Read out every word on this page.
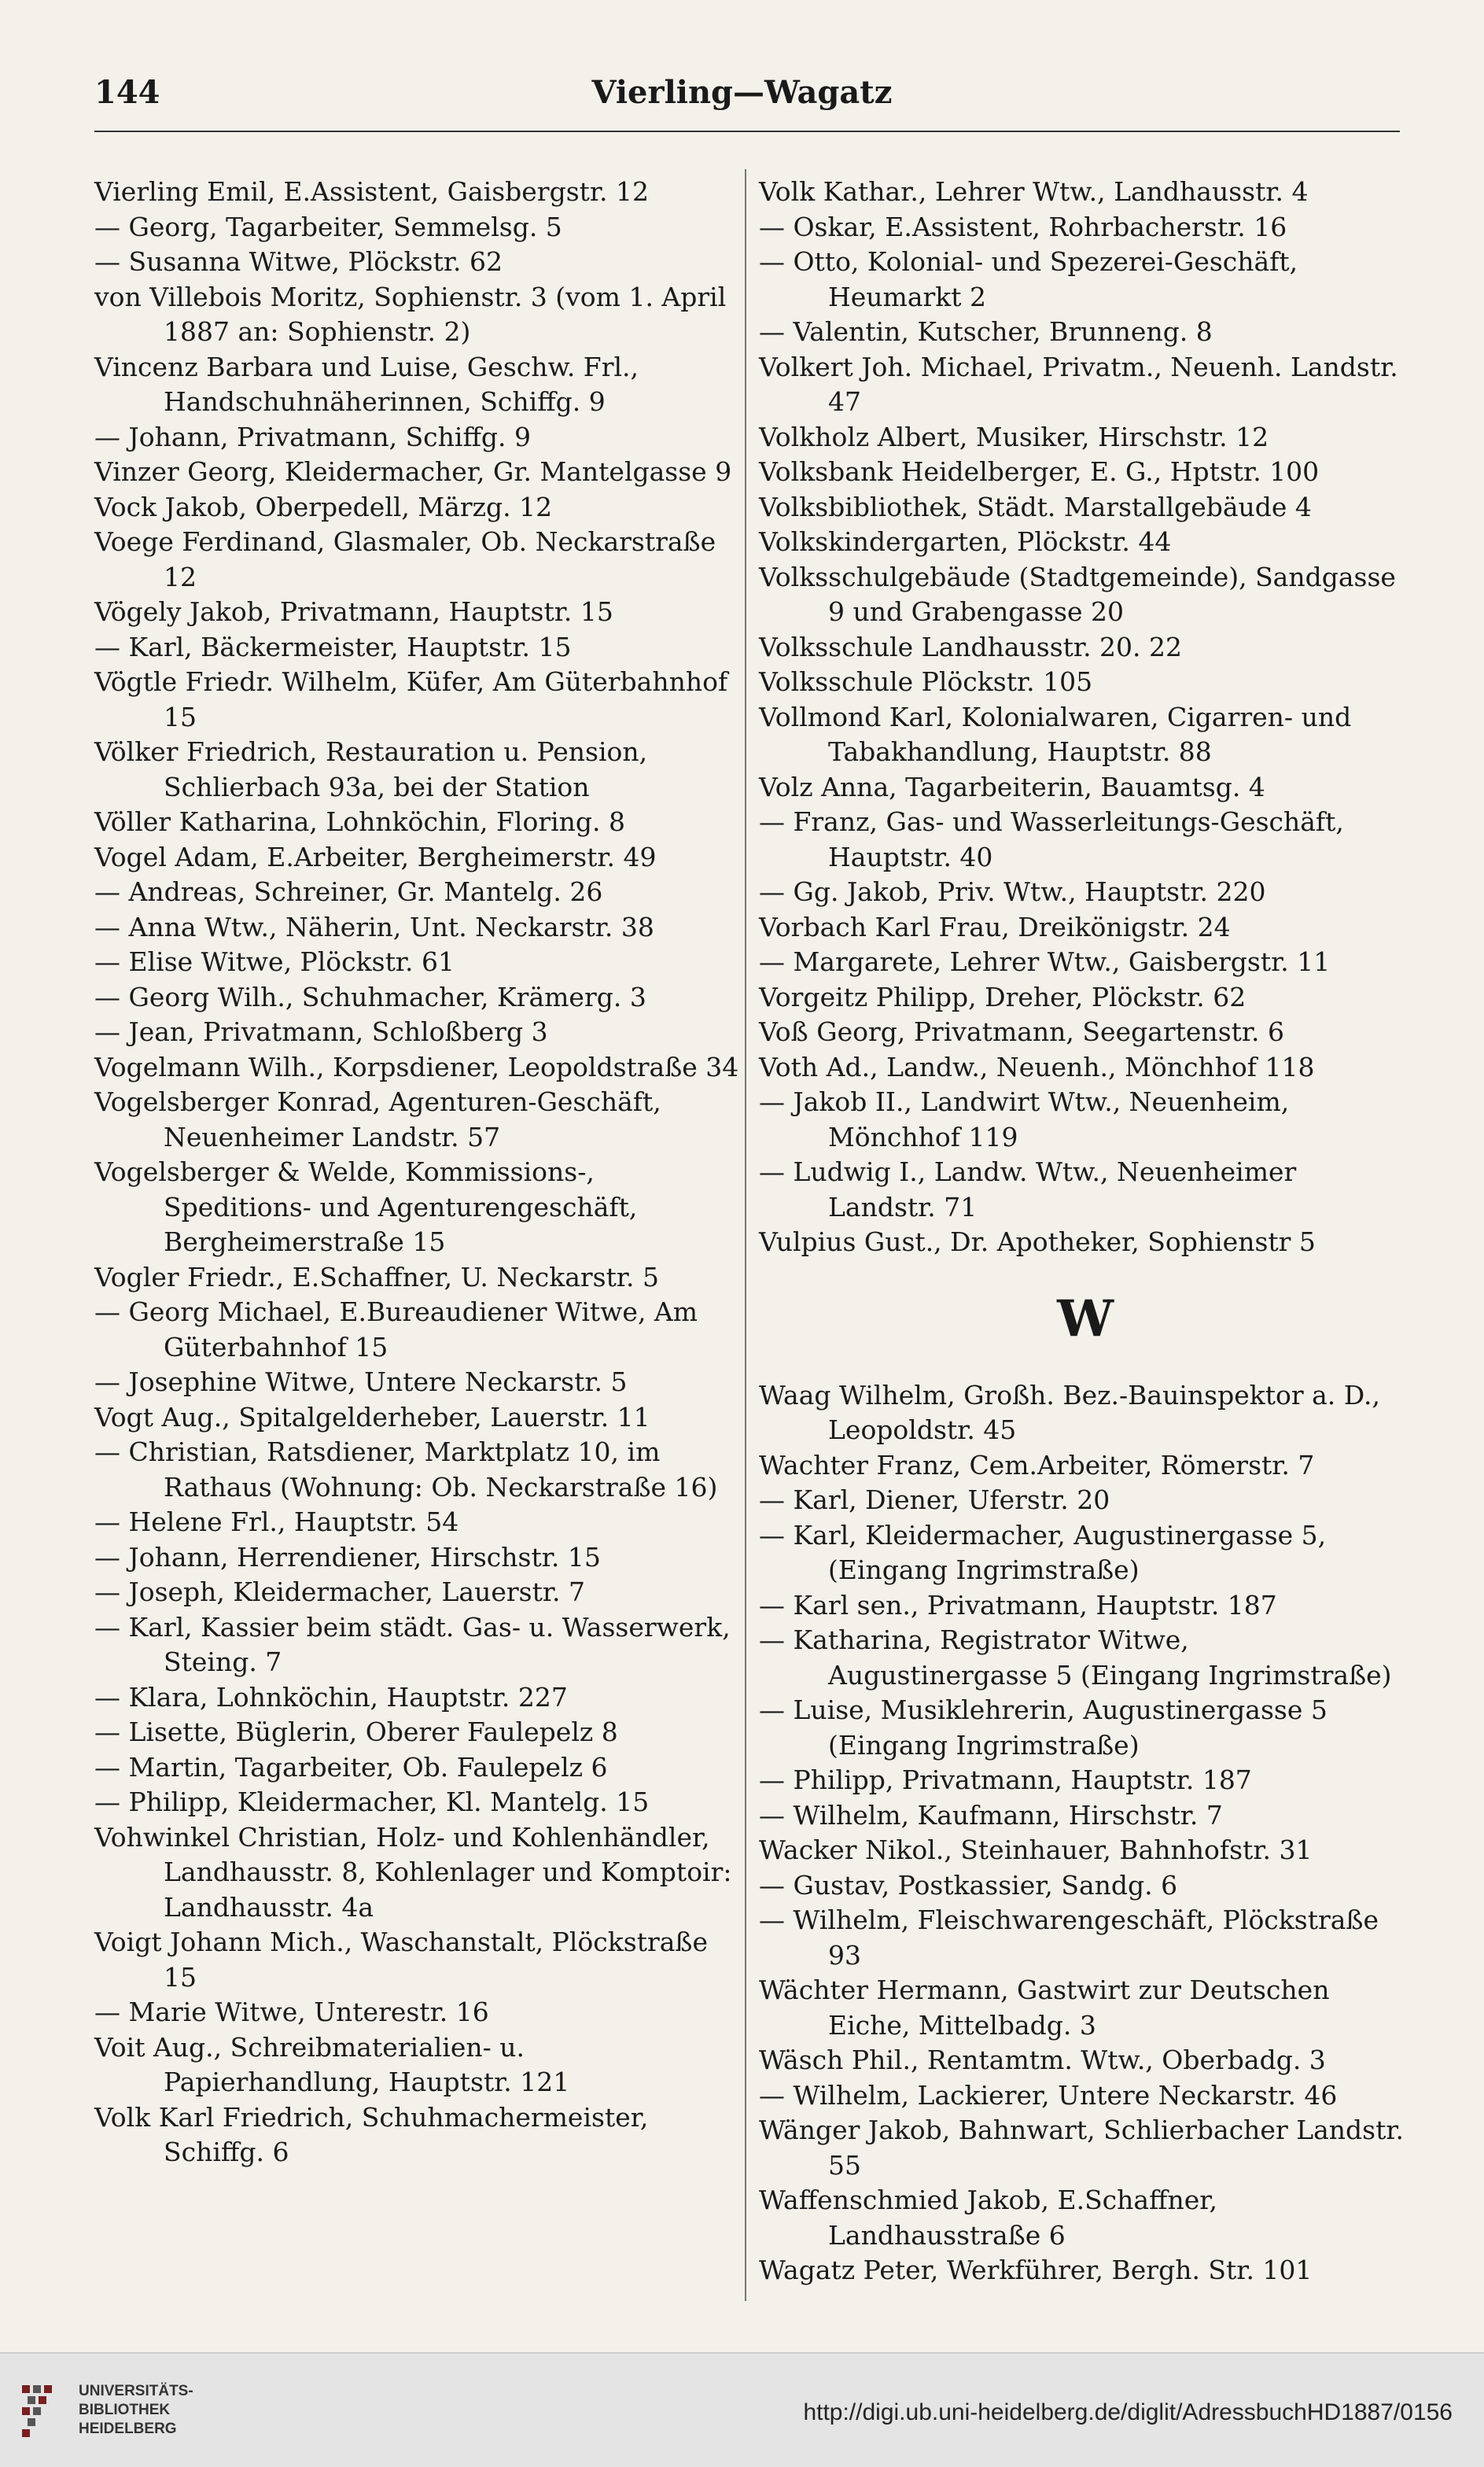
144	Vierling—Wagatz
Vierling Emil, E.Assistent, Gaisbergstr. 12
— Georg, Tagarbeiter, Semmelsg. 5
— Susanna Witwe, Plöckstr. 62
von Villebois Moritz, Sophienstr. 3 (vom 1. April 1887 an: Sophienstr. 2)
Vincenz Barbara und Luise, Geschw. Frl., Handschuhnäherinnen, Schiffg. 9
— Johann, Privatmann, Schiffg. 9
Vinzer Georg, Kleidermacher, Gr. Mantelgasse 9
Vock Jakob, Oberpedell, Märzg. 12
Voege Ferdinand, Glasmaler, Ob. Neckarstraße 12
Vögely Jakob, Privatmann, Hauptstr. 15
— Karl, Bäckermeister, Hauptstr. 15
Vögtle Friedr. Wilhelm, Küfer, Am Güterbahnhof 15
Völker Friedrich, Restauration u. Pension, Schlierbach 93a, bei der Station
Völler Katharina, Lohnköchin, Floring. 8
Vogel Adam, E.Arbeiter, Bergheimerstr. 49
— Andreas, Schreiner, Gr. Mantelg. 26
— Anna Wtw., Näherin, Unt. Neckarstr. 38
— Elise Witwe, Plöckstr. 61
— Georg Wilh., Schuhmacher, Krämerg. 3
— Jean, Privatmann, Schloßberg 3
Vogelmann Wilh., Korpsdiener, Leopoldstraße 34
Vogelsberger Konrad, Agenturen-Geschäft, Neuenheimer Landstr. 57
Vogelsberger & Welde, Kommissions-, Speditions- und Agenturengeschäft, Bergheimerstraße 15
Vogler Friedr., E.Schaffner, U. Neckarstr. 5
— Georg Michael, E.Bureaudiener Witwe, Am Güterbahnhof 15
— Josephine Witwe, Untere Neckarstr. 5
Vogt Aug., Spitalgelderheber, Lauerstr. 11
— Christian, Ratsdiener, Marktplatz 10, im Rathaus (Wohnung: Ob. Neckarstraße 16)
— Helene Frl., Hauptstr. 54
— Johann, Herrendiener, Hirschstr. 15
— Joseph, Kleidermacher, Lauerstr. 7
— Karl, Kassier beim städt. Gas- u. Wasserwerk, Steing. 7
— Klara, Lohnköchin, Hauptstr. 227
— Lisette, Büglerin, Oberer Faulepelz 8
— Martin, Tagarbeiter, Ob. Faulepelz 6
— Philipp, Kleidermacher, Kl. Mantelg. 15
Vohwinkel Christian, Holz- und Kohlenhändler, Landhausstr. 8, Kohlenlager und Komptoir: Landhausstr. 4a
Voigt Johann Mich., Waschanstalt, Plöckstraße 15
— Marie Witwe, Unterestr. 16
Voit Aug., Schreibmaterialien- u. Papierhandlung, Hauptstr. 121
Volk Karl Friedrich, Schuhmachermeister, Schiffg. 6
Volk Kathar., Lehrer Wtw., Landhausstr. 4
— Oskar, E.Assistent, Rohrbacherstr. 16
— Otto, Kolonial- und Spezerei-Geschäft, Heumarkt 2
— Valentin, Kutscher, Brunneng. 8
Volkert Joh. Michael, Privatm., Neuenh. Landstr. 47
Volkholz Albert, Musiker, Hirschstr. 12
Volksbank Heidelberger, E. G., Hptstr. 100
Volksbibliothek, Städt. Marstallgebäude 4
Volkskindergarten, Plöckstr. 44
Volksschulgebäude (Stadtgemeinde), Sandgasse 9 und Grabengasse 20
Volksschule Landhausstr. 20. 22
Volksschule Plöckstr. 105
Vollmond Karl, Kolonialwaren, Cigarren- und Tabakhandlung, Hauptstr. 88
Volz Anna, Tagarbeiterin, Bauamtsg. 4
— Franz, Gas- und Wasserleitungs-Geschäft, Hauptstr. 40
— Gg. Jakob, Priv. Wtw., Hauptstr. 220
Vorbach Karl Frau, Dreikönigstr. 24
— Margarete, Lehrer Wtw., Gaisbergstr. 11
Vorgeitz Philipp, Dreher, Plöckstr. 62
Voß Georg, Privatmann, Seegartenstr. 6
Voth Ad., Landw., Neuenh., Mönchhof 118
— Jakob II., Landwirt Wtw., Neuenheim, Mönchhof 119
— Ludwig I., Landw. Wtw., Neuenheimer Landstr. 71
Vulpius Gust., Dr. Apotheker, Sophienstr 5
W
Waag Wilhelm, Großh. Bez.-Bauinspektor a. D., Leopoldstr. 45
Wachter Franz, Cem.Arbeiter, Römerstr. 7
— Karl, Diener, Uferstr. 20
— Karl, Kleidermacher, Augustinergasse 5, (Eingang Ingrimstraße)
— Karl sen., Privatmann, Hauptstr. 187
— Katharina, Registrator Witwe, Augustinergasse 5 (Eingang Ingrimstraße)
— Luise, Musiklehrerin, Augustinergasse 5 (Eingang Ingrimstraße)
— Philipp, Privatmann, Hauptstr. 187
— Wilhelm, Kaufmann, Hirschstr. 7
Wacker Nikol., Steinhauer, Bahnhofstr. 31
— Gustav, Postkassier, Sandg. 6
— Wilhelm, Fleischwarengeschäft, Plöckstraße 93
Wächter Hermann, Gastwirt zur Deutschen Eiche, Mittelbadg. 3
Wäsch Phil., Rentamtm. Wtw., Oberbadg. 3
— Wilhelm, Lackierer, Untere Neckarstr. 46
Wänger Jakob, Bahnwart, Schlierbacher Landstr. 55
Waffenschmied Jakob, E.Schaffner, Landhausstraße 6
Wagatz Peter, Werkführer, Bergh. Str. 101
UNIVERSITÄTS-
BIBLIOTHEK
HEIDELBERG
http://digi.ub.uni-heidelberg.de/diglit/AdressbuchHD1887/0156
